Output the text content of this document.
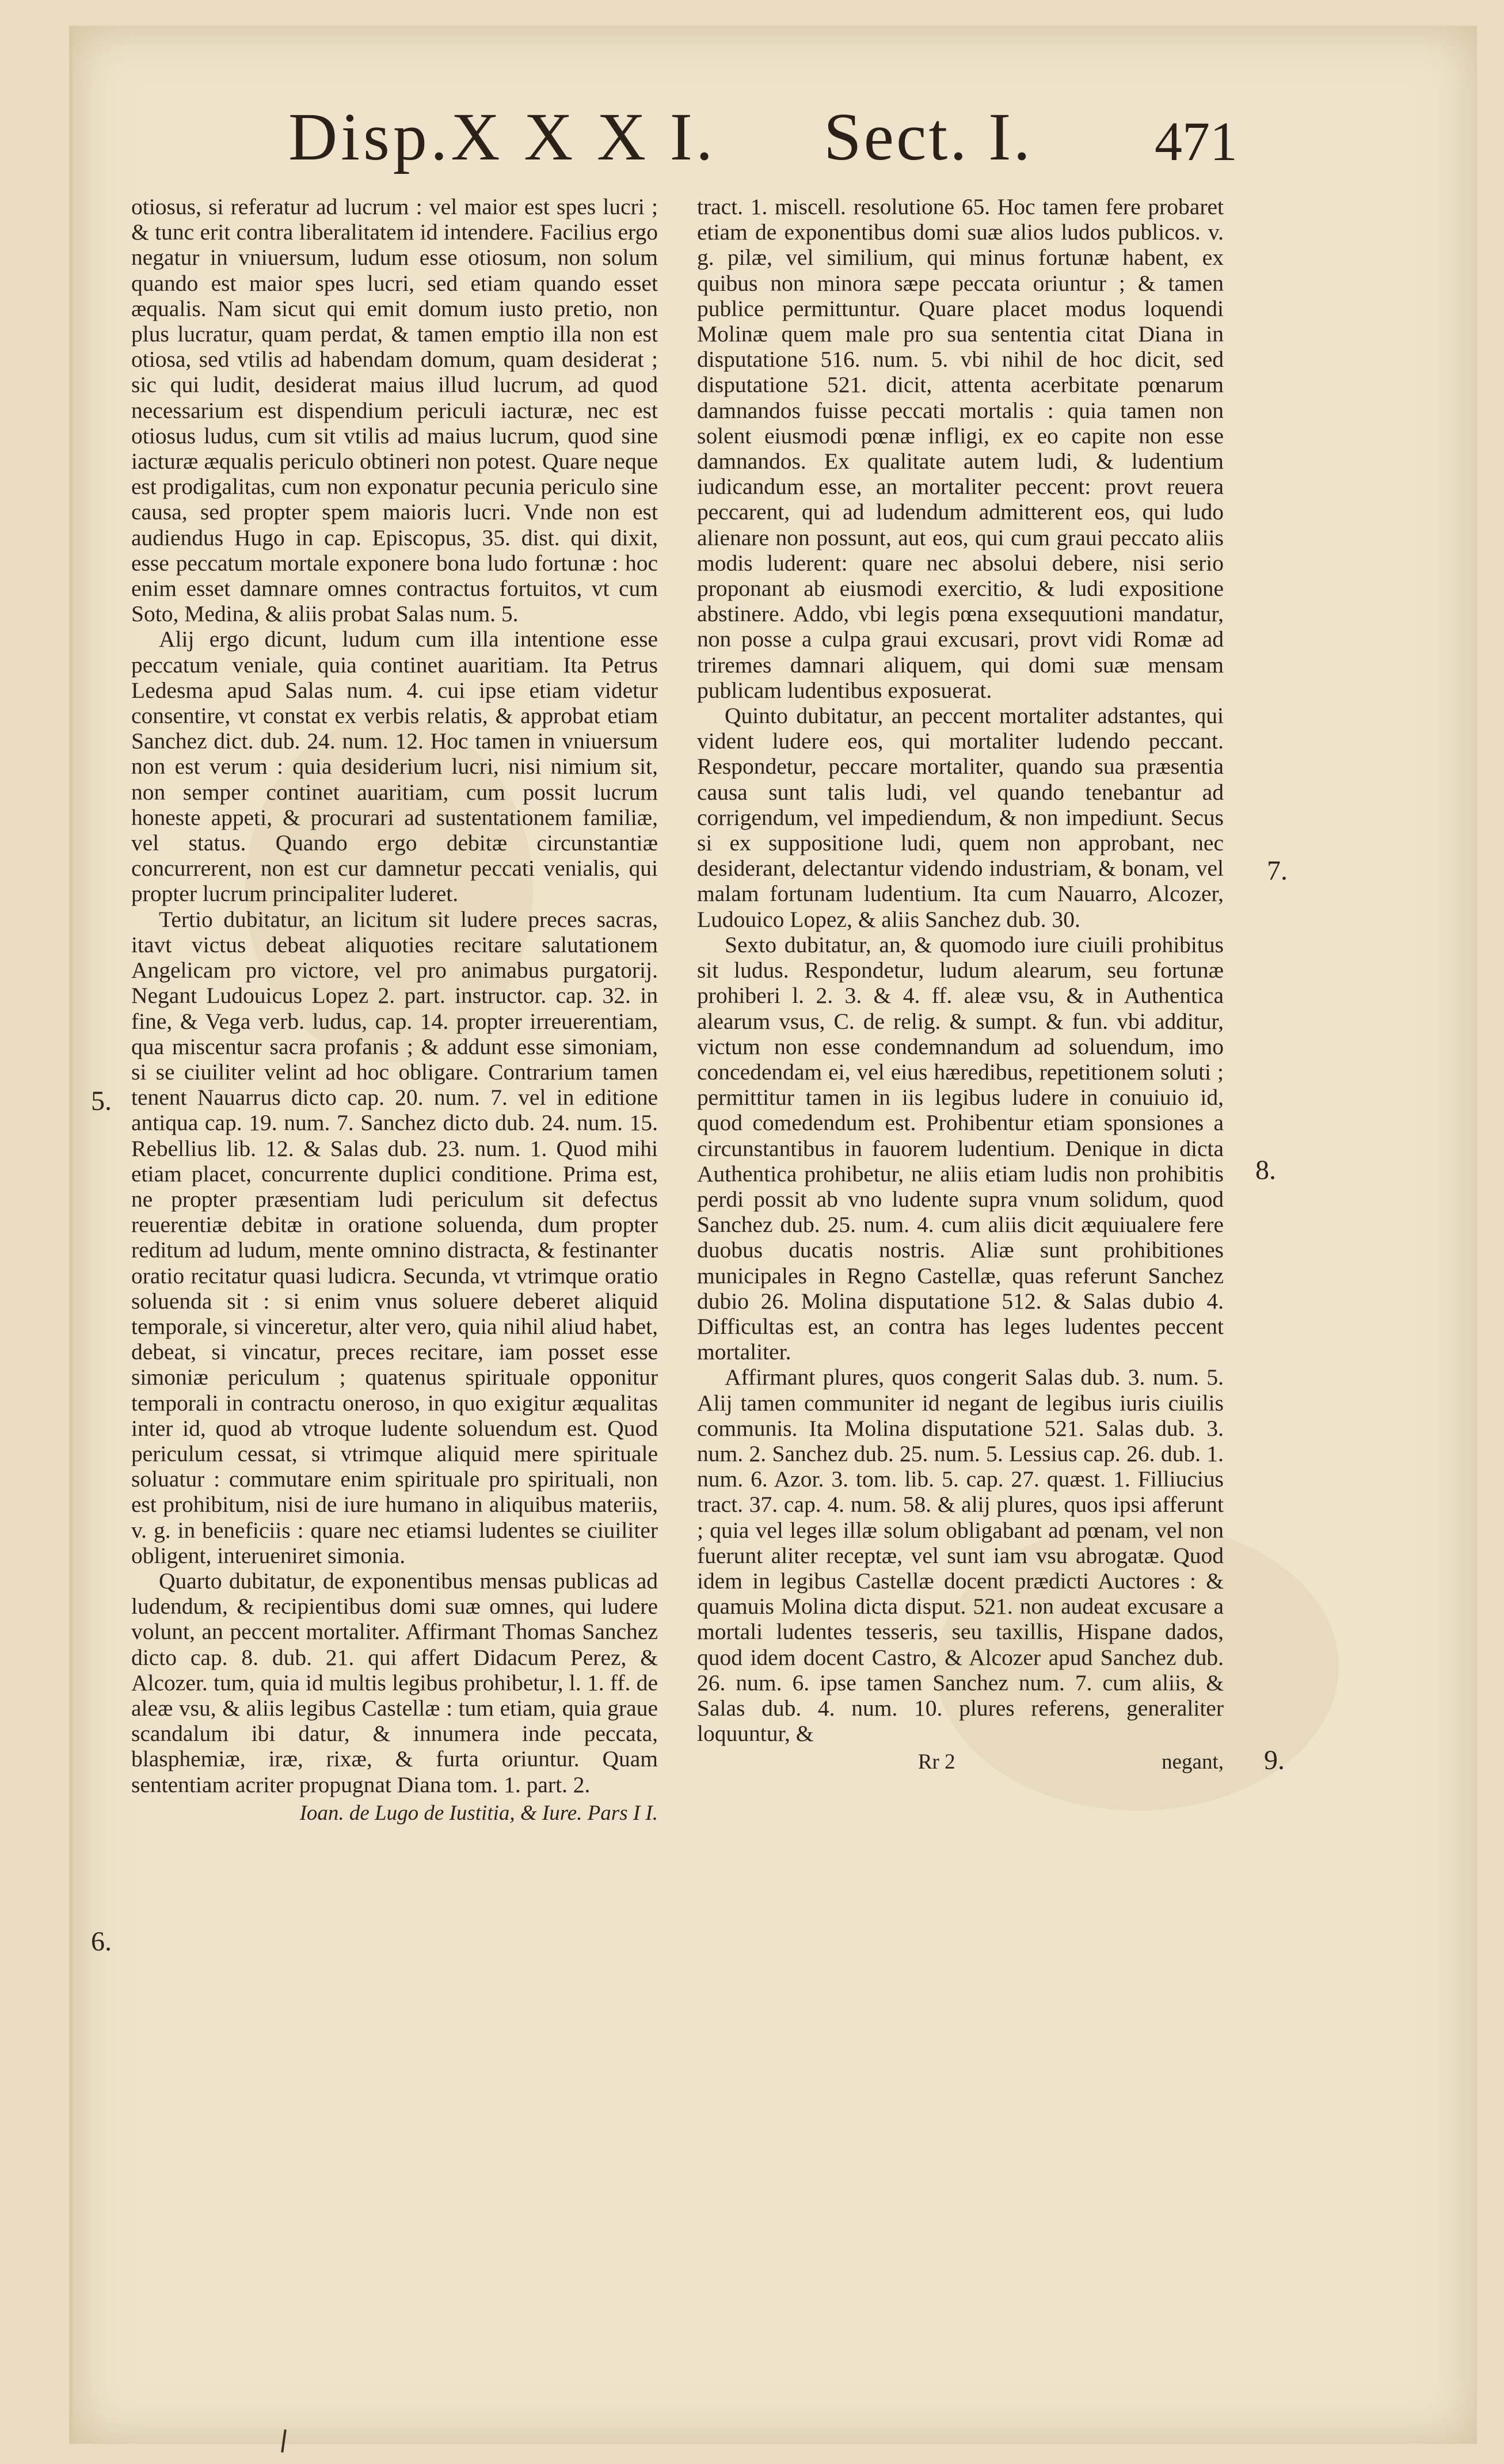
Disp.X X X I. Sect. I. 471

otiosus, si referatur ad lucrum : vel maior est spes lucri ; & tunc erit contra liberalitatem id intendere. Facilius ergo negatur in vniuersum, ludum esse otiosum, non solum quando est maior spes lucri, sed etiam quando esset æqualis. Nam sicut qui emit domum iusto pretio, non plus lucratur, quam perdat, & tamen emptio illa non est otiosa, sed vtilis ad habendam domum, quam desiderat ; sic qui ludit, desiderat maius illud lucrum, ad quod necessarium est dispendium periculi iacturæ, nec est otiosus ludus, cum sit vtilis ad maius lucrum, quod sine iacturæ æqualis periculo obtineri non potest. Quare neque est prodigalitas, cum non exponatur pecunia periculo sine causa, sed propter spem maioris lucri. Vnde non est audiendus Hugo in cap. Episcopus, 35. dist. qui dixit, esse peccatum mortale exponere bona ludo fortunæ : hoc enim esset damnare omnes contractus fortuitos, vt cum Soto, Medina, & aliis probat Salas num. 5.

Alij ergo dicunt, ludum cum illa intentione esse peccatum veniale, quia continet auaritiam. Ita Petrus Ledesma apud Salas num. 4. cui ipse etiam videtur consentire, vt constat ex verbis relatis, & approbat etiam Sanchez dict. dub. 24. num. 12. Hoc tamen in vniuersum non est verum : quia desiderium lucri, nisi nimium sit, non semper continet auaritiam, cum possit lucrum honeste appeti, & procurari ad sustentationem familiæ, vel status. Quando ergo debitæ circunstantiæ concurrerent, non est cur damnetur peccati venialis, qui propter lucrum principaliter luderet.

Tertio dubitatur, an licitum sit ludere preces sacras, itavt victus debeat aliquoties recitare salutationem Angelicam pro victore, vel pro animabus purgatorij. Negant Ludouicus Lopez 2. part. instructor. cap. 32. in fine, & Vega verb. ludus, cap. 14. propter irreuerentiam, qua miscentur sacra profanis ; & addunt esse simoniam, si se ciuiliter velint ad hoc obligare. Contrarium tamen tenent Nauarrus dicto cap. 20. num. 7. vel in editione antiqua cap. 19. num. 7. Sanchez dicto dub. 24. num. 15. Rebellius lib. 12. & Salas dub. 23. num. 1. Quod mihi etiam placet, concurrente duplici conditione. Prima est, ne propter præsentiam ludi periculum sit defectus reuerentiæ debitæ in oratione soluenda, dum propter reditum ad ludum, mente omnino distracta, & festinanter oratio recitatur quasi ludicra. Secunda, vt vtrimque oratio soluenda sit : si enim vnus soluere deberet aliquid temporale, si vinceretur, alter vero, quia nihil aliud habet, debeat, si vincatur, preces recitare, iam posset esse simoniæ periculum ; quatenus spirituale opponitur temporali in contractu oneroso, in quo exigitur æqualitas inter id, quod ab vtroque ludente soluendum est. Quod periculum cessat, si vtrimque aliquid mere spirituale soluatur : commutare enim spirituale pro spirituali, non est prohibitum, nisi de iure humano in aliquibus materiis, v. g. in beneficiis : quare nec etiamsi ludentes se ciuiliter obligent, interueniret simonia.

Quarto dubitatur, de exponentibus mensas publicas ad ludendum, & recipientibus domi suæ omnes, qui ludere volunt, an peccent mortaliter. Affirmant Thomas Sanchez dicto cap. 8. dub. 21. qui affert Didacum Perez, & Alcozer. tum, quia id multis legibus prohibetur, l. 1. ff. de aleæ vsu, & aliis legibus Castellæ : tum etiam, quia graue scandalum ibi datur, & innumera inde peccata, blasphemiæ, iræ, rixæ, & furta oriuntur. Quam sententiam acriter propugnat Diana tom. 1. part. 2.

Ioan. de Lugo de Iustitia, & Iure. Pars I I.

tract. 1. miscell. resolutione 65. Hoc tamen fere probaret etiam de exponentibus domi suæ alios ludos publicos. v. g. pilæ, vel similium, qui minus fortunæ habent, ex quibus non minora sæpe peccata oriuntur ; & tamen publice permittuntur. Quare placet modus loquendi Molinæ quem male pro sua sententia citat Diana in disputatione 516. num. 5. vbi nihil de hoc dicit, sed disputatione 521. dicit, attenta acerbitate pœnarum damnandos fuisse peccati mortalis : quia tamen non solent eiusmodi pœnæ infligi, ex eo capite non esse damnandos. Ex qualitate autem ludi, & ludentium iudicandum esse, an mortaliter peccent: provt reuera peccarent, qui ad ludendum admitterent eos, qui ludo alienare non possunt, aut eos, qui cum graui peccato aliis modis luderent: quare nec absolui debere, nisi serio proponant ab eiusmodi exercitio, & ludi expositione abstinere. Addo, vbi legis pœna exsequutioni mandatur, non posse a culpa graui excusari, provt vidi Romæ ad triremes damnari aliquem, qui domi suæ mensam publicam ludentibus exposuerat.

Quinto dubitatur, an peccent mortaliter adstantes, qui vident ludere eos, qui mortaliter ludendo peccant. Respondetur, peccare mortaliter, quando sua præsentia causa sunt talis ludi, vel quando tenebantur ad corrigendum, vel impediendum, & non impediunt. Secus si ex suppositione ludi, quem non approbant, nec desiderant, delectantur videndo industriam, & bonam, vel malam fortunam ludentium. Ita cum Nauarro, Alcozer, Ludouico Lopez, & aliis Sanchez dub. 30.

Sexto dubitatur, an, & quomodo iure ciuili prohibitus sit ludus. Respondetur, ludum alearum, seu fortunæ prohiberi l. 2. 3. & 4. ff. aleæ vsu, & in Authentica alearum vsus, C. de relig. & sumpt. & fun. vbi additur, victum non esse condemnandum ad soluendum, imo concedendam ei, vel eius hæredibus, repetitionem soluti ; permittitur tamen in iis legibus ludere in conuiuio id, quod comedendum est. Prohibentur etiam sponsiones a circunstantibus in fauorem ludentium. Denique in dicta Authentica prohibetur, ne aliis etiam ludis non prohibitis perdi possit ab vno ludente supra vnum solidum, quod Sanchez dub. 25. num. 4. cum aliis dicit æquiualere fere duobus ducatis nostris. Aliæ sunt prohibitiones municipales in Regno Castellæ, quas referunt Sanchez dubio 26. Molina disputatione 512. & Salas dubio 4. Difficultas est, an contra has leges ludentes peccent mortaliter.

Affirmant plures, quos congerit Salas dub. 3. num. 5. Alij tamen communiter id negant de legibus iuris ciuilis communis. Ita Molina disputatione 521. Salas dub. 3. num. 2. Sanchez dub. 25. num. 5. Lessius cap. 26. dub. 1. num. 6. Azor. 3. tom. lib. 5. cap. 27. quæst. 1. Filliucius tract. 37. cap. 4. num. 58. & alij plures, quos ipsi afferunt ; quia vel leges illæ solum obligabant ad pœnam, vel non fuerunt aliter receptæ, vel sunt iam vsu abrogatæ. Quod idem in legibus Castellæ docent prædicti Auctores : & quamuis Molina dicta disput. 521. non audeat excusare a mortali ludentes tesseris, seu taxillis, Hispane dados, quod idem docent Castro, & Alcozer apud Sanchez dub. 26. num. 6. ipse tamen Sanchez num. 7. cum aliis, & Salas dub. 4. num. 10. plures referens, generaliter loquuntur, &

Rr 2	negant,
5.
6.
7.
8.
9.
